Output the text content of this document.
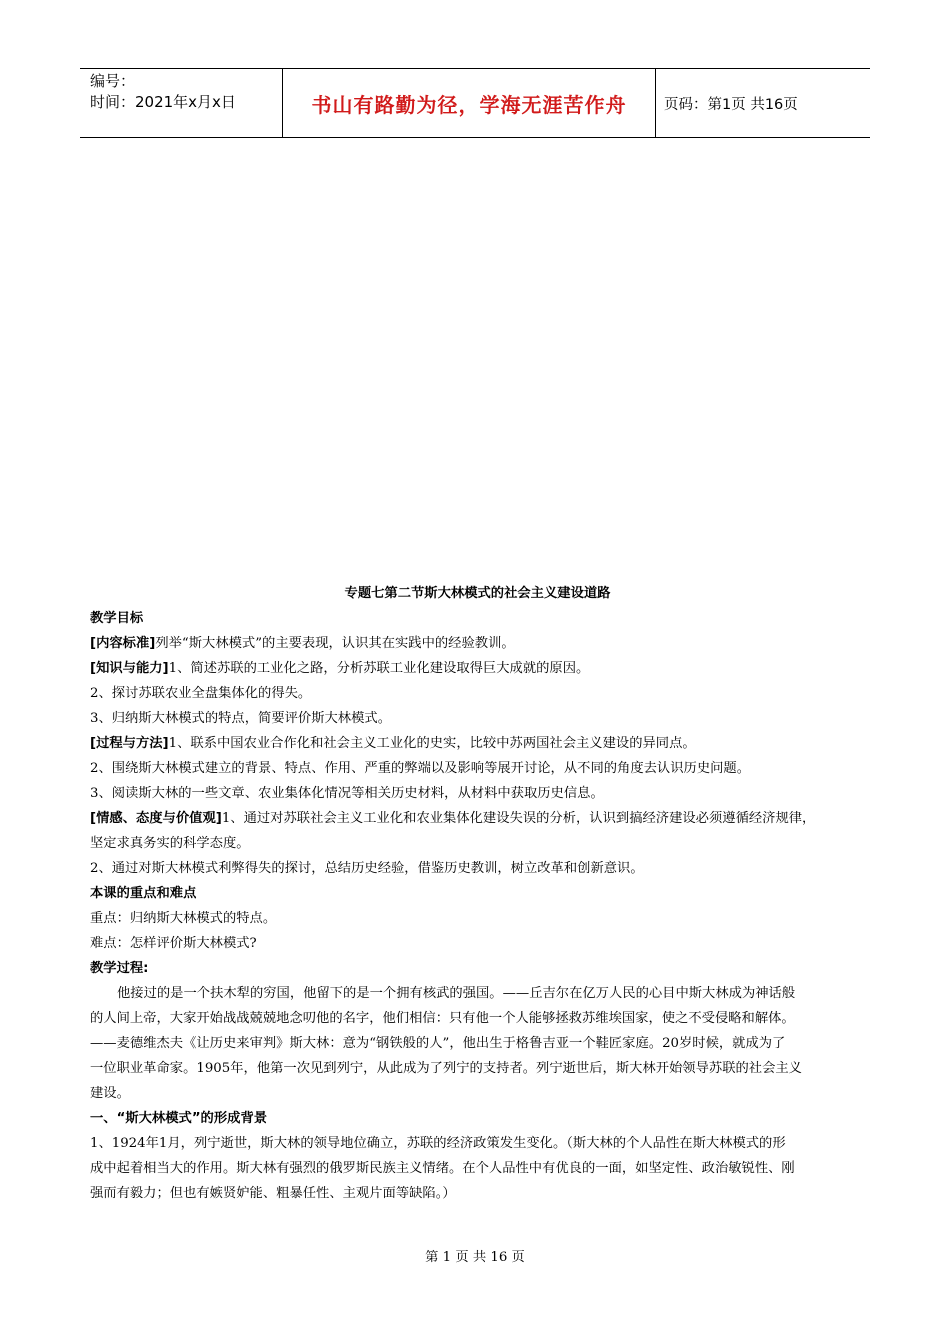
编号：
时间：2021年x月x日	书山有路勤为径，学海无涯苦作舟	页码：第1页 共16页
专题七第二节斯大林模式的社会主义建设道路
教学目标
[内容标准]列举“斯大林模式”的主要表现，认识其在实践中的经验教训。
[知识与能力]1、简述苏联的工业化之路，分析苏联工业化建设取得巨大成就的原因。
2、探讨苏联农业全盘集体化的得失。
3、归纳斯大林模式的特点，简要评价斯大林模式。
[过程与方法]1、联系中国农业合作化和社会主义工业化的史实，比较中苏两国社会主义建设的异同点。
2、围绕斯大林模式建立的背景、特点、作用、严重的弊端以及影响等展开讨论，从不同的角度去认识历史问题。
3、阅读斯大林的一些文章、农业集体化情况等相关历史材料，从材料中获取历史信息。
[情感、态度与价值观]1、通过对苏联社会主义工业化和农业集体化建设失误的分析，认识到搞经济建设必须遵循经济规律，
坚定求真务实的科学态度。
2、通过对斯大林模式利弊得失的探讨，总结历史经验，借鉴历史教训，树立改革和创新意识。
本课的重点和难点
重点：归纳斯大林模式的特点。
难点：怎样评价斯大林模式?
教学过程:
他接过的是一个扶木犁的穷国，他留下的是一个拥有核武的强国。——丘吉尔在亿万人民的心目中斯大林成为神话般
的人间上帝，大家开始战战兢兢地念叨他的名字，他们相信：只有他一个人能够拯救苏维埃国家，使之不受侵略和解体。
——麦德维杰夫《让历史来审判》斯大林：意为“钢铁般的人”，他出生于格鲁吉亚一个鞋匠家庭。20岁时候，就成为了
一位职业革命家。1905年，他第一次见到列宁，从此成为了列宁的支持者。列宁逝世后，斯大林开始领导苏联的社会主义
建设。
一、“斯大林模式”的形成背景
1、1924年1月，列宁逝世，斯大林的领导地位确立，苏联的经济政策发生变化。（斯大林的个人品性在斯大林模式的形
成中起着相当大的作用。斯大林有强烈的俄罗斯民族主义情绪。在个人品性中有优良的一面，如坚定性、政治敏锐性、刚
强而有毅力；但也有嫉贤妒能、粗暴任性、主观片面等缺陷。）
第 1 页 共 16 页
